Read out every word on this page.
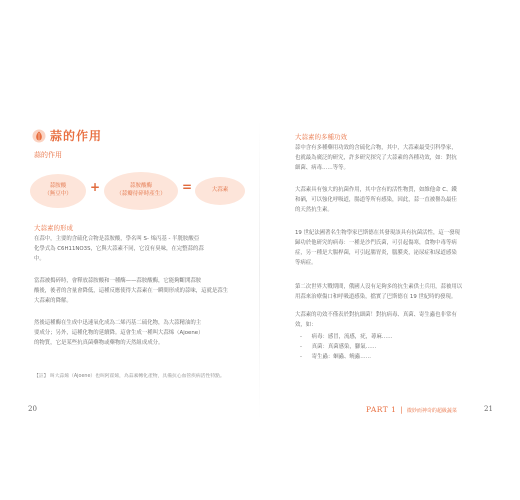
蒜的作用
蒜的作用
蒜胺酸
（無豆中） +	蒜胺酸酶
（蒜瓣待碎時產生） =	大蒜素
大蒜素的形成

在蒜中，主要的含硫化合物是蒜胺酸，學名叫 S- 烯丙基 - 半胱胺酸亞
化學式為 C6H11NO3S，它與大蒜素不同，它沒有臭味，在完整蒜的蒜
中。

當蒜被搗碎時，會釋放蒜胺酸和一種酶——蒜胺酸酶，它能夠斷開蒜胺
酸後，後者的含量會降低，這種反應使得大蒜素在一瞬間形成的蒜味，這就是蒜生
大蒜素的降解。

然後這種酶在生成中迅速氧化成為二烯丙基二硫化物，為大蒜精油的主
要成分；另外，這種化物的延續降。這會生成一種叫大蒜烯（Ajoene）
的物質，它是某些抗真菌藥物或藥物的天然組成成分。

【註】 叫大蒜烯（Ajoene）也叫阿霍烯，為蒜素轉化產物，具備抗心血管疾病活性特點。
20
大蒜素的多種功效

蒜中含有多種藥用功效的含硫化合物，其中，大蒜素最受引科學家，
也就最為廣泛的研究，許多研究探究了大蒜素的各種功效，如：對抗
細菌、病毒……等等。

大蒜素具有強大的抗菌作用，其中含有的活性物質，如維他命 C、鐵
和硒，可以強化呼吸道，腸道等所有感染，因此，蒜一直被譽為最佳
的天然抗生素。

19 世紀法國著名生物學家巴斯德在其發現該具有抗菌活性，這一發現
歸功於他研究的病毒：一種是沙門氏菌，可引起傷寒，食物中毒等病
症，另一種是大腸桿菌，可引起腸胃炎，腦膜炎，泌尿症和尿道感染
等病症。

第二次世界大戰期間，俄國人沒有足夠多的抗生素供士兵用，蒜被用以
用蒜來治療傷口和呼吸道感染，擋實了巴斯德在 19 世紀時的發現。

大蒜素的功效不僅表於對抗細菌！對抗病毒、真菌、寄生蟲也非常有
效，如：

- 病毒：感冒，流感，疣，蕁麻……
- 真菌：真菌感染，腳氣……
- 寄生蟲：蛔蟲、蟯蟲……
PART 1 | 微妙而神奇的超級蔬菜	21
